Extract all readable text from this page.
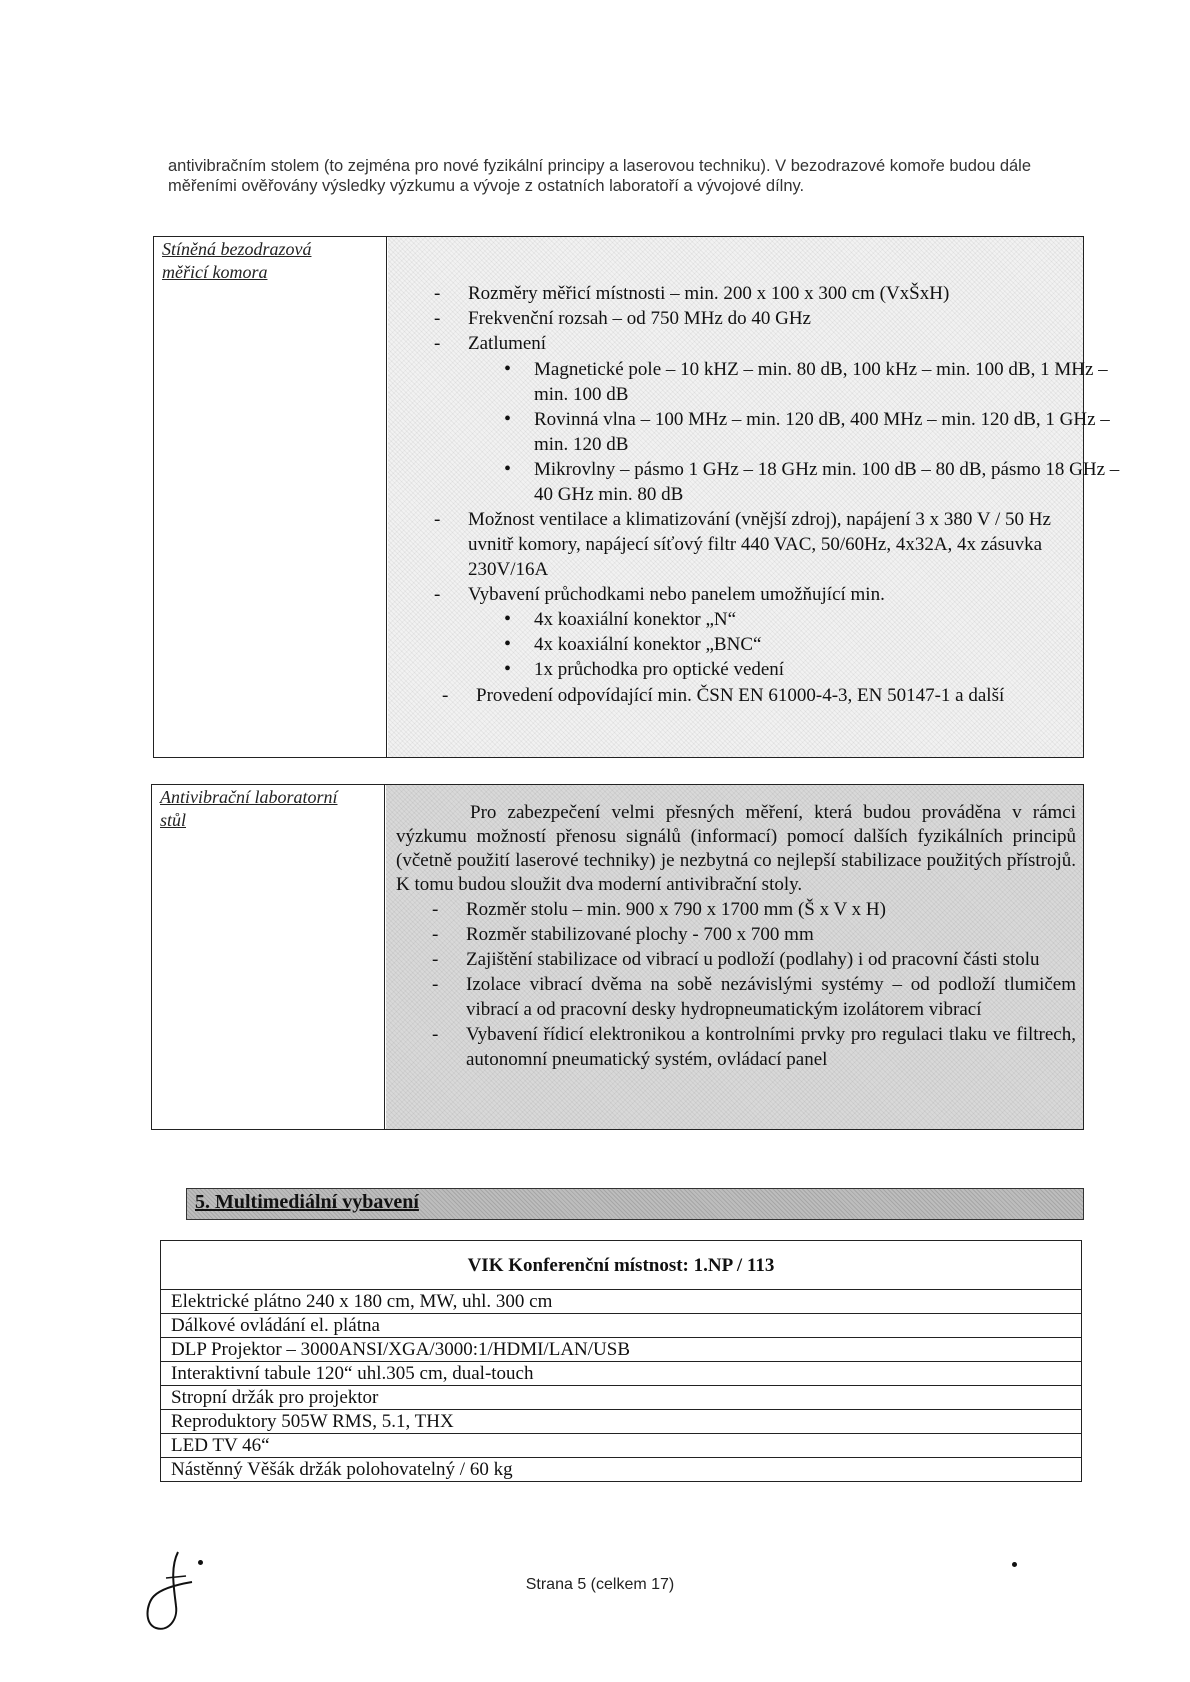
antivibračním stolem (to zejména pro nové fyzikální principy a laserovou techniku). V bezodrazové komoře budou dále měřeními ověřovány výsledky výzkumu a vývoje z ostatních laboratoří a vývojové dílny.
Stíněná bezodrazová
měřicí komora
- Rozměry měřicí místnosti – min. 200 x 100 x 300 cm (VxŠxH)
- Frekvenční rozsah – od 750 MHz do 40 GHz
- Zatlumení
• Magnetické pole – 10 kHZ – min. 80 dB, 100 kHz – min. 100 dB, 1 MHz – min. 100 dB
• Rovinná vlna – 100 MHz – min. 120 dB, 400 MHz – min. 120 dB, 1 GHz – min. 120 dB
• Mikrovlny – pásmo 1 GHz – 18 GHz min. 100 dB – 80 dB, pásmo 18 GHz – 40 GHz min. 80 dB
- Možnost ventilace a klimatizování (vnější zdroj), napájení 3 x 380 V / 50 Hz uvnitř komory, napájecí síťový filtr 440 VAC, 50/60Hz, 4x32A, 4x zásuvka 230V/16A
- Vybavení průchodkami nebo panelem umožňující min.
• 4x koaxiální konektor „N“
• 4x koaxiální konektor „BNC“
• 1x průchodka pro optické vedení
- Provedení odpovídající min. ČSN EN 61000-4-3, EN 50147-1 a další
Antivibrační laboratorní
stůl	Pro zabezpečení velmi přesných měření, která budou prováděna v rámci výzkumu možností přenosu signálů (informací) pomocí dalších fyzikálních principů (včetně použití laserové techniky) je nezbytná co nejlepší stabilizace použitých přístrojů. K tomu budou sloužit dva moderní antivibrační stoly.

- Rozměr stolu – min. 900 x 790 x 1700 mm (Š x V x H)
- Rozměr stabilizované plochy - 700 x 700 mm
- Zajištění stabilizace od vibrací u podloží (podlahy) i od pracovní části stolu
- Izolace vibrací dvěma na sobě nezávislými systémy – od podloží tlumičem vibrací a od pracovní desky hydropneumatickým izolátorem vibrací
- Vybavení řídicí elektronikou a kontrolními prvky pro regulaci tlaku ve filtrech, autonomní pneumatický systém, ovládací panel
5. Multimediální vybavení
VIK Konferenční místnost: 1.NP / 113
Elektrické plátno 240 x 180 cm, MW, uhl. 300 cm
Dálkové ovládání el. plátna
DLP Projektor – 3000ANSI/XGA/3000:1/HDMI/LAN/USB
Interaktivní tabule 120“ uhl.305 cm, dual-touch
Stropní držák pro projektor
Reproduktory 505W RMS, 5.1, THX
LED TV 46“
Nástěnný Věšák držák polohovatelný / 60 kg
Strana 5 (celkem 17)
